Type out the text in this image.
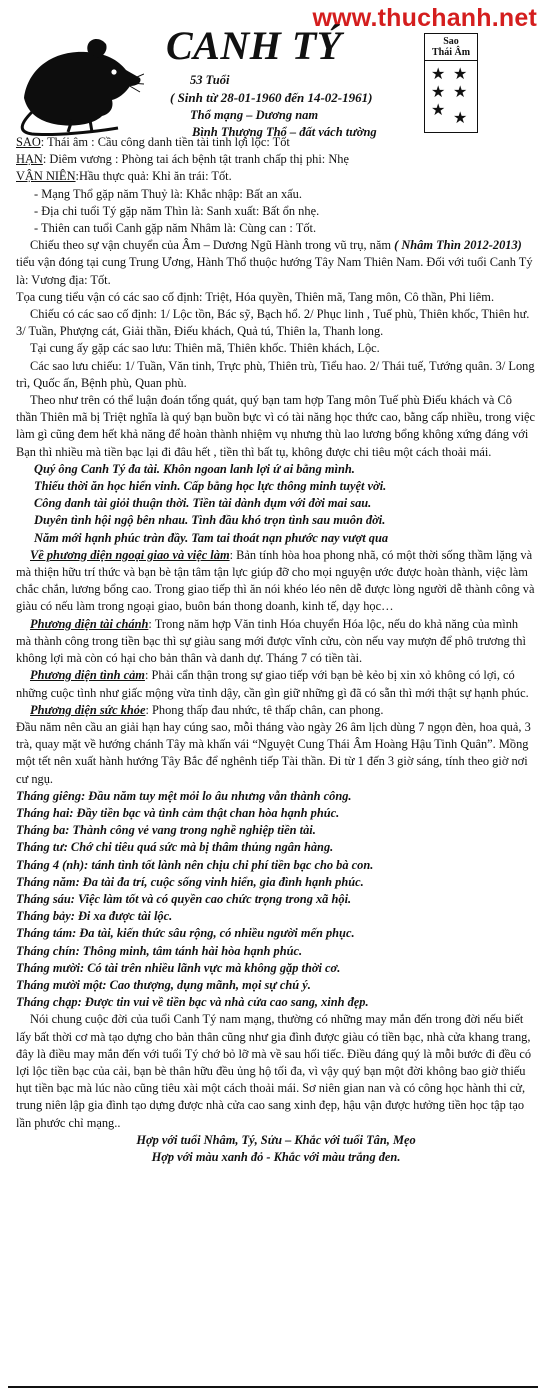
www.thuchanh.net
CANH TÝ
53 Tuổi
( Sinh từ 28-01-1960 đến 14-02-1961)
Thổ mạng – Dương nam
Bình Thượng Thổ – đất vách tường
Sao
Thái Âm
★ ★
★ ★
★ ★

SAO: Thái âm : Cầu công danh tiền tài tinh lợi lộc: Tốt

HẠN: Diêm vương : Phòng tai ách bệnh tật tranh chấp thị phi: Nhẹ

VẬN NIÊN:Hầu thực quả: Khỉ ăn trái: Tốt.

- Mạng Thổ gặp năm Thuỷ là: Khắc nhập: Bất an xấu.

- Địa chi tuổi Tý gặp năm Thìn là: Sanh xuất: Bất ổn nhẹ.

- Thiên can tuổi Canh gặp năm Nhâm là: Cùng can : Tốt.

Chiếu theo sự vận chuyển của Âm – Dương Ngũ Hành trong vũ trụ, năm ( Nhâm Thìn 2012-2013) tiểu vận đóng tại cung Trung Ương, Hành Thổ thuộc hướng Tây Nam Thiên Nam. Đối với tuổi Canh Tý là: Vương địa: Tốt.

Tọa cung tiểu vận có các sao cố định: Triệt, Hóa quyền, Thiên mã, Tang môn, Cô thần, Phi liêm.

Chiếu có các sao cố định: 1/ Lộc tồn, Bác sỹ, Bạch hổ. 2/ Phục linh , Tuế phù, Thiên khốc, Thiên hư. 3/ Tuần, Phượng cát, Giải thần, Điếu khách, Quả tú, Thiên la, Thanh long.

Tại cung ấy gặp các sao lưu: Thiên mã, Thiên khốc. Thiên khách, Lộc.

Các sao lưu chiếu: 1/ Tuần, Văn tinh, Trực phù, Thiên trù, Tiểu hao. 2/ Thái tuế, Tướng quân. 3/ Long trì, Quốc ấn, Bệnh phù, Quan phù.

Theo như trên có thể luận đoán tổng quát, quý bạn tam hợp Tang môn Tuế phù Điếu khách và Cô thần Thiên mã bị Triệt nghĩa là quý bạn buồn bực vì có tài năng học thức cao, bằng cấp nhiều, trong việc làm gì cũng đem hết khả năng để hoàn thành nhiệm vụ nhưng thù lao lương bổng không xứng đáng với Bạn thì nhiều mà tiền bạc lại đi đâu hết , tiền thì bất tụ, không được chi tiêu một cách thoải mái.

Quý ông Canh Tý đa tài. Khôn ngoan lanh lợi ứ ai bằng mình.

Thiếu thời ăn học hiển vinh. Cấp bằng học lực thông minh tuyệt vời.

Công danh tài giỏi thuận thời. Tiền tài dành dụm với đời mai sau.

Duyên tình hội ngộ bên nhau. Tình đầu khó trọn tình sau muôn đời.

Năm mới hạnh phúc tràn đầy. Tam tai thoát nạn phước nay vượt qua

Về phương diện ngoại giao và việc làm: Bản tính hòa hoa phong nhã, có một thời sống thầm lặng và mà thiện hữu trí thức và bạn bè tận tâm tận lực giúp đỡ cho mọi nguyện ước được hoàn thành, việc làm chắc chắn, lương bổng cao. Trong giao tiếp thì ăn nói khéo léo nên dễ được lòng người dễ thành công và giàu có nếu làm trong ngoại giao, buôn bán thong doanh, kinh tế, dạy học…

Phương diện tài chánh: Trong năm hợp Văn tinh Hóa chuyển Hóa lộc, nếu do khả năng của mình mà thành công trong tiền bạc thì sự giàu sang mới được vĩnh cửu, còn nếu vay mượn để phô trương thì không lợi mà còn có hại cho bản thân và danh dự. Tháng 7 có tiền tài.

Phương diện tình cảm: Phải cẩn thận trong sự giao tiếp với bạn bè kẻo bị xin xỏ không có lợi, có những cuộc tình như giấc mộng vừa tỉnh dậy, cần gìn giữ những gì đã có sẵn thì mới thật sự hạnh phúc.

Phương diện sức khỏe: Phong thấp đau nhức, tê thấp chân, can phong.

Đầu năm nên cầu an giải hạn hay cúng sao, mỗi tháng vào ngày 26 âm lịch dùng 7 ngọn đèn, hoa quả, 3 trà, quay mặt về hướng chánh Tây mà khấn vái “Nguyệt Cung Thái Âm Hoàng Hậu Tinh Quân”. Mồng một tết nên xuất hành hướng Tây Bắc để nghênh tiếp Tài thần. Đi từ 1 đến 3 giờ sáng, tính theo giờ nơi cư ngụ.

Tháng giêng: Đầu năm tuy mệt mỏi lo âu nhưng vẫn thành công.

Tháng hai: Đầy tiền bạc và tình cảm thật chan hòa hạnh phúc.

Tháng ba: Thành công vẻ vang trong nghề nghiệp tiền tài.

Tháng tư: Chớ chi tiêu quá sức mà bị thâm thủng ngân hàng.

Tháng 4 (nh): tánh tình tốt lành nên chịu chi phí tiền bạc cho bà con.

Tháng năm: Đa tài đa trí, cuộc sống vinh hiển, gia đình hạnh phúc.

Tháng sáu: Việc làm tốt và có quyền cao chức trọng trong xã hội.

Tháng bảy: Đi xa được tài lộc.

Tháng tám: Đa tài, kiến thức sâu rộng, có nhiều người mến phục.

Tháng chín: Thông minh, tâm tánh hài hòa hạnh phúc.

Tháng mười: Có tài trên nhiều lãnh vực mà không gặp thời cơ.

Tháng mười một: Cao thượng, dụng mãnh, mọi sự chú ý.

Tháng chạp: Được tin vui về tiền bạc và nhà cửa cao sang, xinh đẹp.

Nói chung cuộc đời của tuổi Canh Tý nam mạng, thường có những may mắn đến trong đời nếu biết lấy bất thời cơ mà tạo dựng cho bản thân cũng như gia đình được giàu có tiền bạc, nhà cửa khang trang, đây là điều may mắn đến với tuổi Tý chớ bỏ lỡ mà về sau hối tiếc. Điều đáng quý là mỗi bước đi đều có lợi lộc tiền bạc của cải, bạn bè thân hữu đều ủng hộ tối đa, vì vậy quý bạn một đời không bao giờ thiếu hụt tiền bạc mà lúc nào cũng tiêu xài một cách thoải mái. Sơ niên gian nan và có công học hành thi cử, trung niên lập gia đình tạo dựng được nhà cửa cao sang xinh đẹp, hậu vận được hưởng tiền học tập tạo lần phước chỉ mạng..

Hợp với tuổi Nhâm, Tý, Sửu – Khắc với tuổi Tân, Mẹo

Hợp với màu xanh đỏ - Khắc với màu trắng đen.
